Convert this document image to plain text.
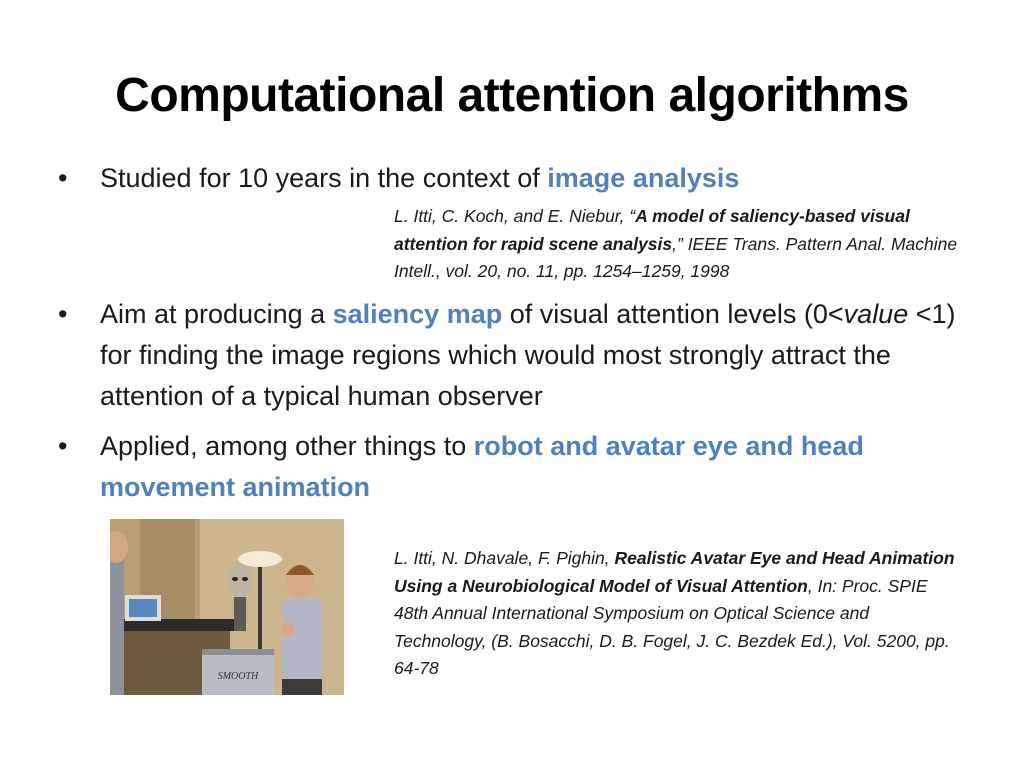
Computational attention algorithms
•	Studied for 10 years in the context of image analysis
L. Itti, C. Koch, and E. Niebur, “A model of saliency-based visual attention for rapid scene analysis,” IEEE Trans. Pattern Anal. Machine Intell., vol. 20, no. 11, pp. 1254–1259, 1998
•	Aim at producing a saliency map of visual attention levels (0<value <1) for finding the image regions which would most strongly attract the attention of a typical human observer
•	Applied, among other things to robot and avatar eye and head movement animation
SMOOTH
L. Itti, N. Dhavale, F. Pighin, Realistic Avatar Eye and Head Animation Using a Neurobiological Model of Visual Attention, In: Proc. SPIE 48th Annual International Symposium on Optical Science and Technology, (B. Bosacchi, D. B. Fogel, J. C. Bezdek Ed.), Vol. 5200, pp. 64-78
